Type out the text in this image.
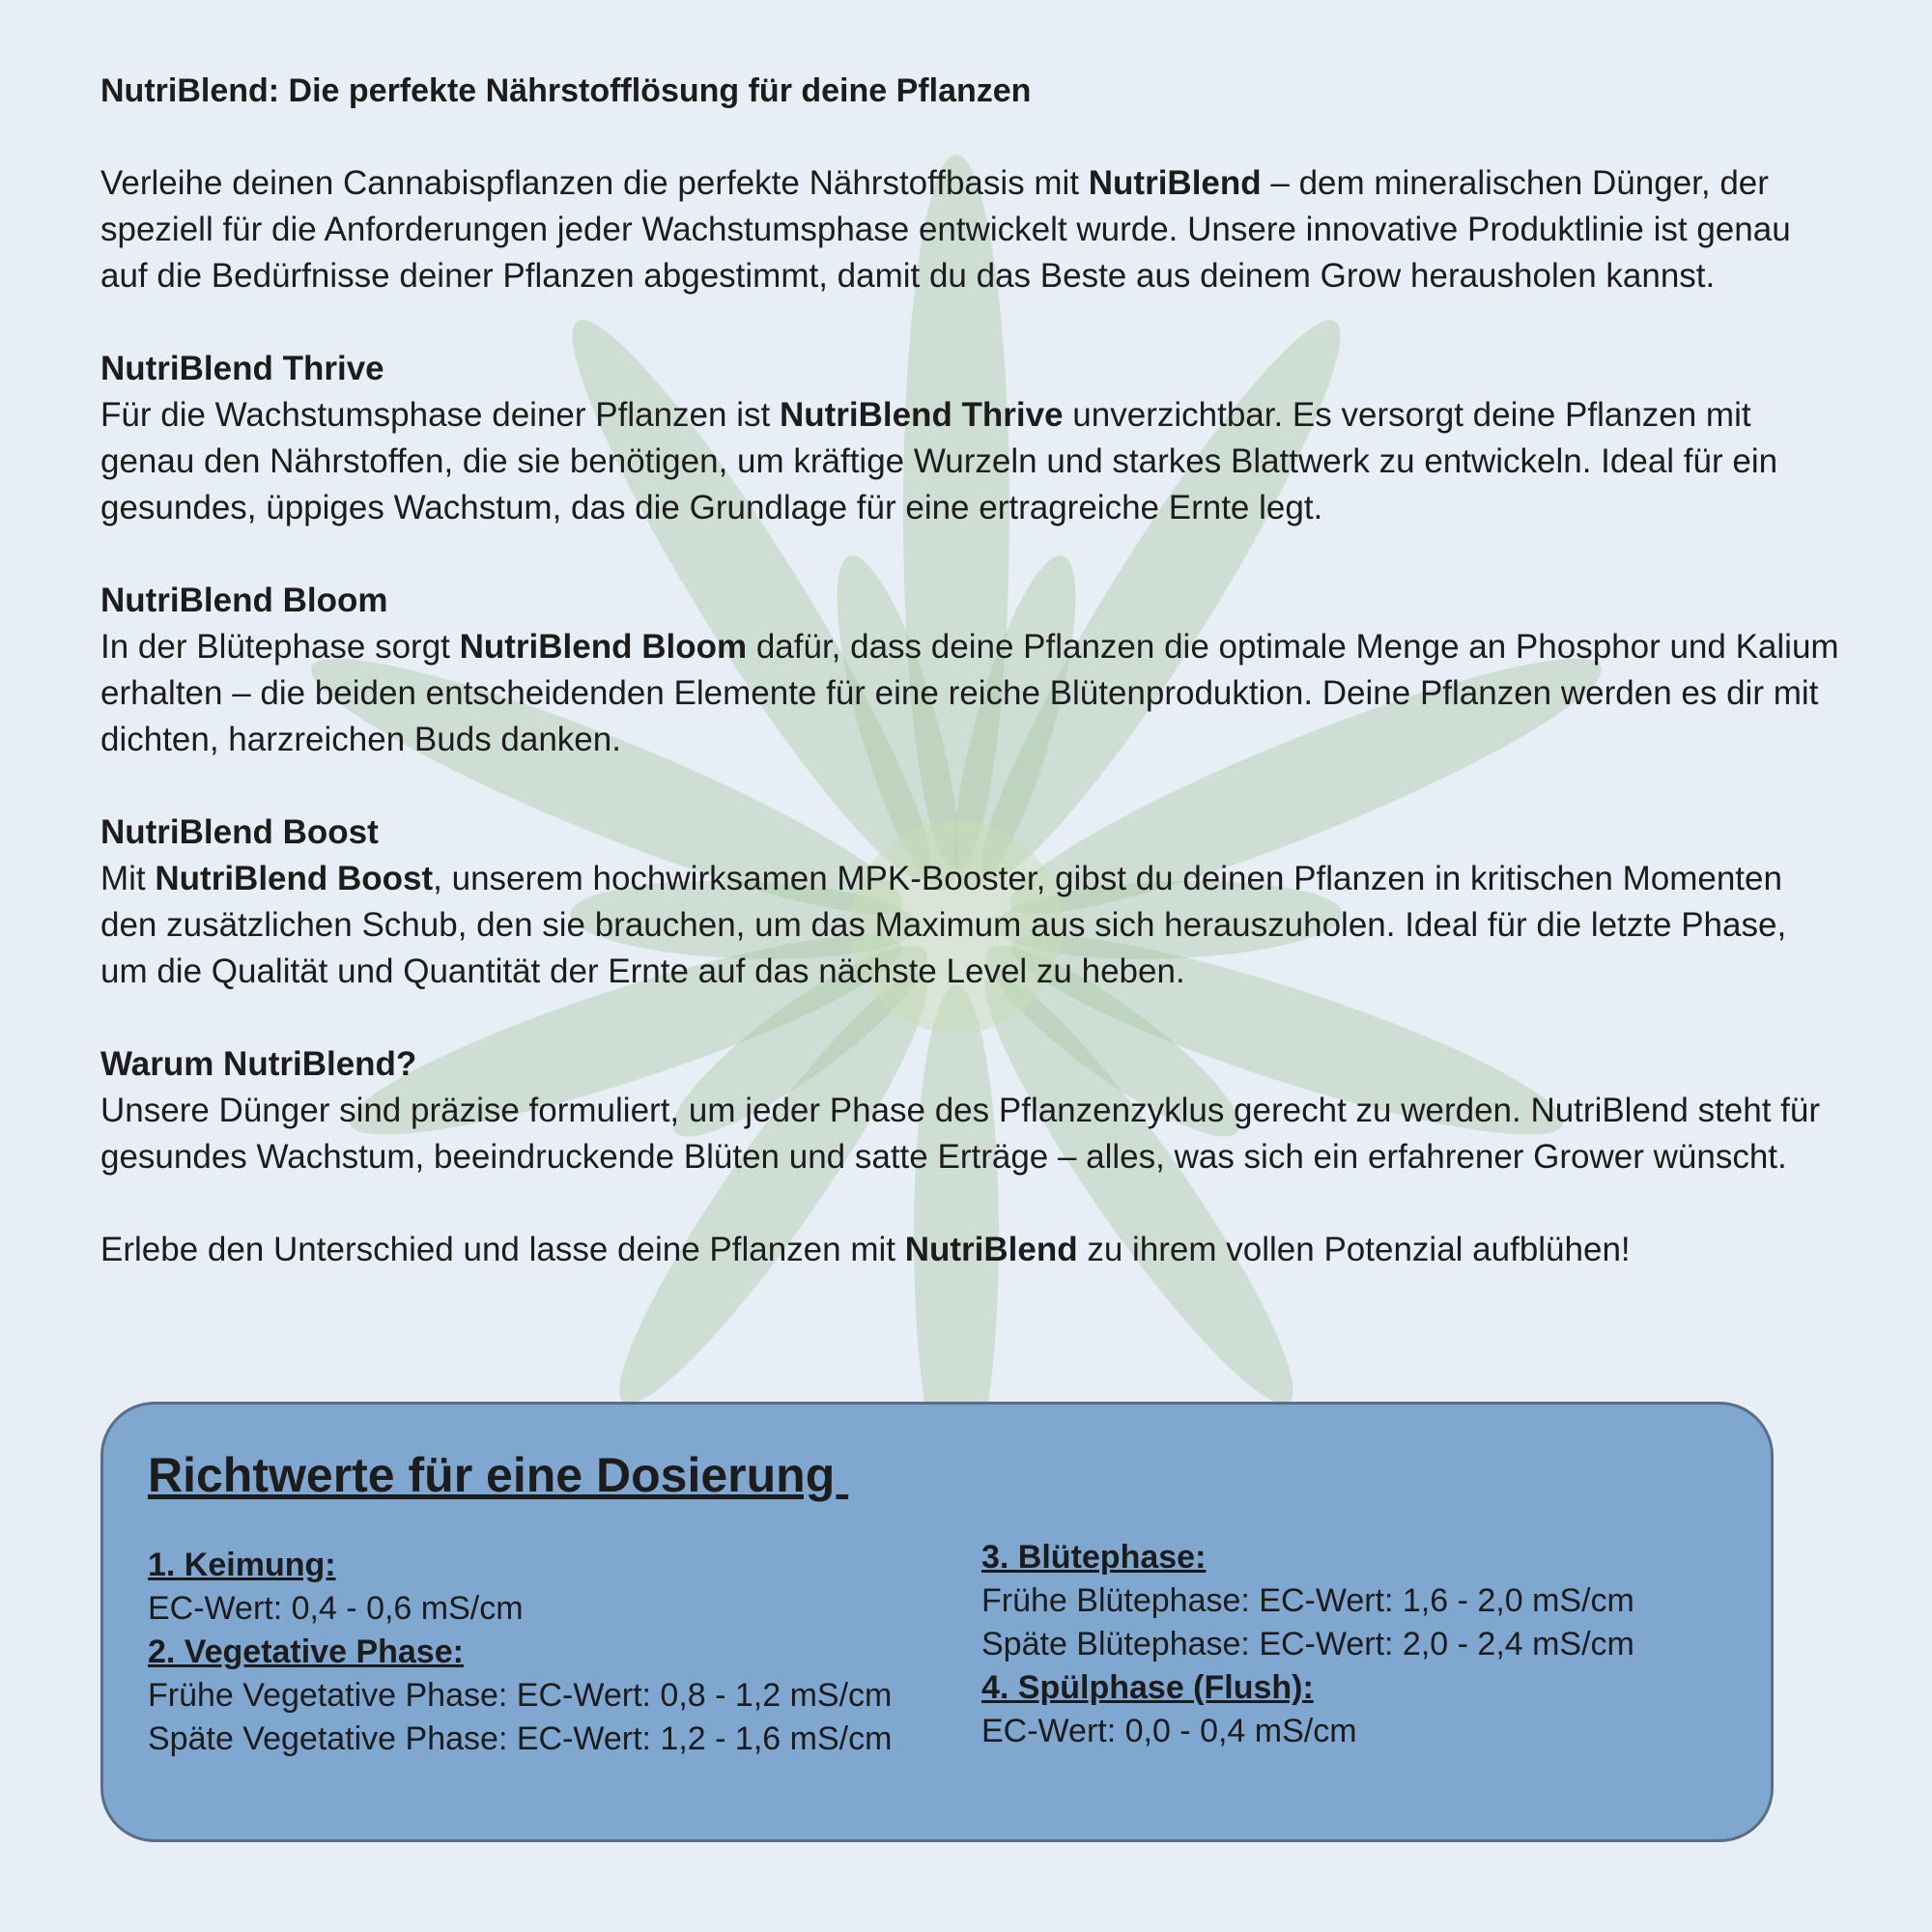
NutriBlend: Die perfekte Nährstofflösung für deine Pflanzen
Verleihe deinen Cannabispflanzen die perfekte Nährstoffbasis mit NutriBlend – dem mineralischen Dünger, der speziell für die Anforderungen jeder Wachstumsphase entwickelt wurde. Unsere innovative Produktlinie ist genau auf die Bedürfnisse deiner Pflanzen abgestimmt, damit du das Beste aus deinem Grow herausholen kannst.
NutriBlend Thrive
Für die Wachstumsphase deiner Pflanzen ist NutriBlend Thrive unverzichtbar. Es versorgt deine Pflanzen mit genau den Nährstoffen, die sie benötigen, um kräftige Wurzeln und starkes Blattwerk zu entwickeln. Ideal für ein gesundes, üppiges Wachstum, das die Grundlage für eine ertragreiche Ernte legt.
NutriBlend Bloom
In der Blütephase sorgt NutriBlend Bloom dafür, dass deine Pflanzen die optimale Menge an Phosphor und Kalium erhalten – die beiden entscheidenden Elemente für eine reiche Blütenproduktion. Deine Pflanzen werden es dir mit dichten, harzreichen Buds danken.
NutriBlend Boost
Mit NutriBlend Boost, unserem hochwirksamen MPK-Booster, gibst du deinen Pflanzen in kritischen Momenten den zusätzlichen Schub, den sie brauchen, um das Maximum aus sich herauszuholen. Ideal für die letzte Phase, um die Qualität und Quantität der Ernte auf das nächste Level zu heben.
Warum NutriBlend?
Unsere Dünger sind präzise formuliert, um jeder Phase des Pflanzenzyklus gerecht zu werden. NutriBlend steht für gesundes Wachstum, beeindruckende Blüten und satte Erträge – alles, was sich ein erfahrener Grower wünscht.
Erlebe den Unterschied und lasse deine Pflanzen mit NutriBlend zu ihrem vollen Potenzial aufblühen!
Richtwerte für eine Dosierung
1. Keimung:
EC-Wert: 0,4 - 0,6 mS/cm
2. Vegetative Phase:
Frühe Vegetative Phase: EC-Wert: 0,8 - 1,2 mS/cm
Späte Vegetative Phase: EC-Wert: 1,2 - 1,6 mS/cm
3. Blütephase:
Frühe Blütephase: EC-Wert: 1,6 - 2,0 mS/cm
Späte Blütephase: EC-Wert: 2,0 - 2,4 mS/cm
4. Spülphase (Flush):
EC-Wert: 0,0 - 0,4 mS/cm
